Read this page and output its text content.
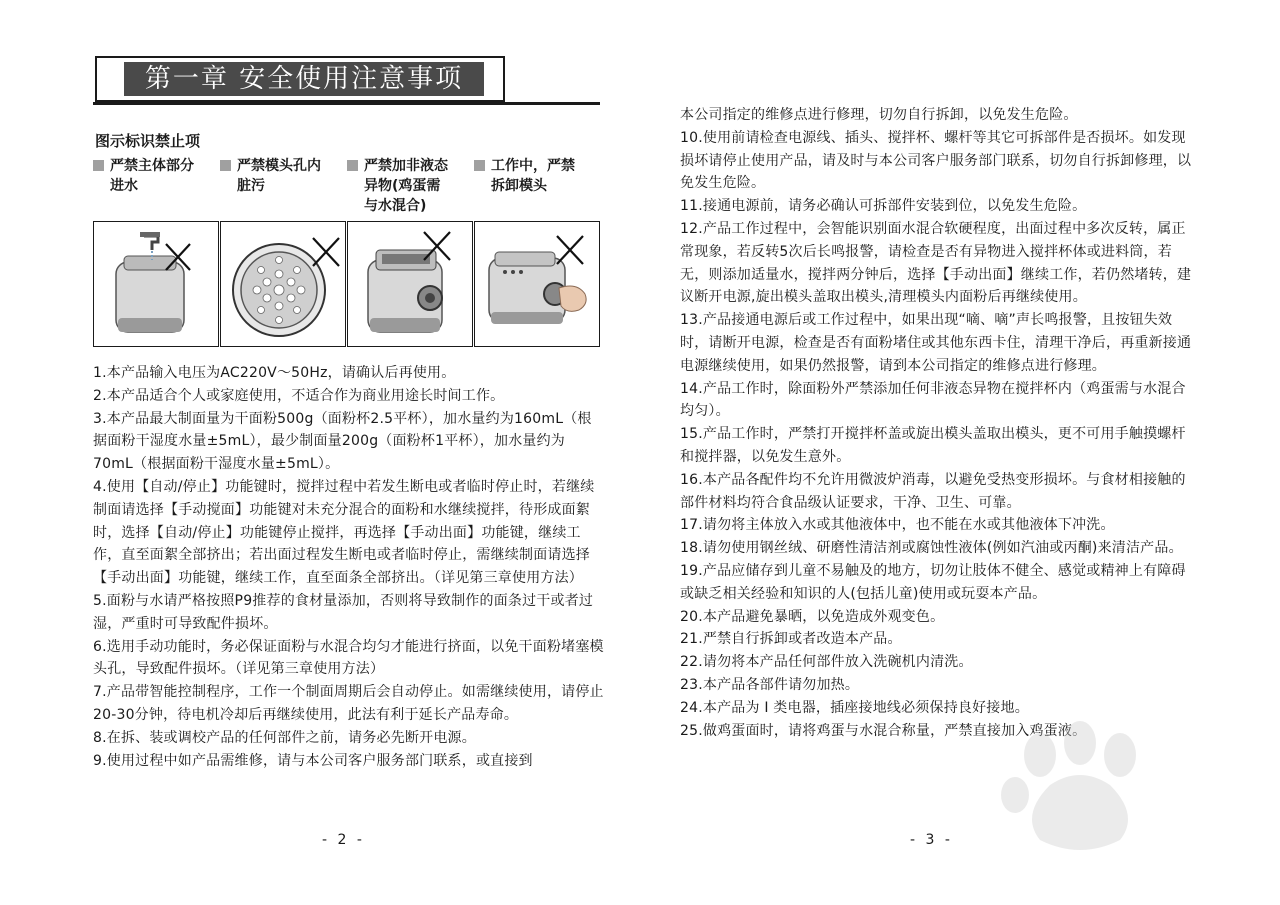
第一章 安全使用注意事项
图示标识禁止项
严禁主体部分
进水
严禁模头孔内
脏污
严禁加非液态
异物(鸡蛋需
与水混合)
工作中，严禁
拆卸模头

1.本产品输入电压为AC220V～50Hz，请确认后再使用。

2.本产品适合个人或家庭使用，不适合作为商业用途长时间工作。

3.本产品最大制面量为干面粉500g（面粉杯2.5平杯），加水量约为160mL（根据面粉干湿度水量±5mL），最少制面量200g（面粉杯1平杯），加水量约为70mL（根据面粉干湿度水量±5mL）。

4.使用【自动/停止】功能键时，搅拌过程中若发生断电或者临时停止时，若继续制面请选择【手动搅面】功能键对未充分混合的面粉和水继续搅拌，待形成面絮时，选择【自动/停止】功能键停止搅拌，再选择【手动出面】功能键，继续工作，直至面絮全部挤出；若出面过程发生断电或者临时停止，需继续制面请选择【手动出面】功能键，继续工作，直至面条全部挤出。（详见第三章使用方法）

5.面粉与水请严格按照P9推荐的食材量添加，否则将导致制作的面条过干或者过湿，严重时可导致配件损坏。

6.选用手动功能时，务必保证面粉与水混合均匀才能进行挤面，以免干面粉堵塞模头孔，导致配件损坏。（详见第三章使用方法）

7.产品带智能控制程序，工作一个制面周期后会自动停止。如需继续使用，请停止20-30分钟，待电机冷却后再继续使用，此法有利于延长产品寿命。

8.在拆、装或调校产品的任何部件之前，请务必先断开电源。

9.使用过程中如产品需维修，请与本公司客户服务部门联系，或直接到

- 2 -

本公司指定的维修点进行修理，切勿自行拆卸，以免发生危险。

10.使用前请检查电源线、插头、搅拌杯、螺杆等其它可拆部件是否损坏。如发现损坏请停止使用产品，请及时与本公司客户服务部门联系，切勿自行拆卸修理，以免发生危险。

11.接通电源前，请务必确认可拆部件安装到位，以免发生危险。

12.产品工作过程中，会智能识别面水混合软硬程度，出面过程中多次反转，属正常现象，若反转5次后长鸣报警，请检查是否有异物进入搅拌杯体或进料筒，若无，则添加适量水，搅拌两分钟后，选择【手动出面】继续工作，若仍然堵转，建议断开电源,旋出模头盖取出模头,清理模头内面粉后再继续使用。

13.产品接通电源后或工作过程中，如果出现“嘀、嘀”声长鸣报警，且按钮失效时，请断开电源，检查是否有面粉堵住或其他东西卡住，清理干净后，再重新接通电源继续使用，如果仍然报警，请到本公司指定的维修点进行修理。

14.产品工作时，除面粉外严禁添加任何非液态异物在搅拌杯内（鸡蛋需与水混合均匀）。

15.产品工作时，严禁打开搅拌杯盖或旋出模头盖取出模头，更不可用手触摸螺杆和搅拌器，以免发生意外。

16.本产品各配件均不允许用微波炉消毒，以避免受热变形损坏。与食材相接触的部件材料均符合食品级认证要求，干净、卫生、可靠。

17.请勿将主体放入水或其他液体中，也不能在水或其他液体下冲洗。

18.请勿使用钢丝绒、研磨性清洁剂或腐蚀性液体(例如汽油或丙酮)来清洁产品。

19.产品应储存到儿童不易触及的地方，切勿让肢体不健全、感觉或精神上有障碍或缺乏相关经验和知识的人(包括儿童)使用或玩耍本产品。

20.本产品避免暴晒，以免造成外观变色。

21.严禁自行拆卸或者改造本产品。

22.请勿将本产品任何部件放入洗碗机内清洗。

23.本产品各部件请勿加热。

24.本产品为 I 类电器，插座接地线必须保持良好接地。

25.做鸡蛋面时，请将鸡蛋与水混合称量，严禁直接加入鸡蛋液。

- 3 -
